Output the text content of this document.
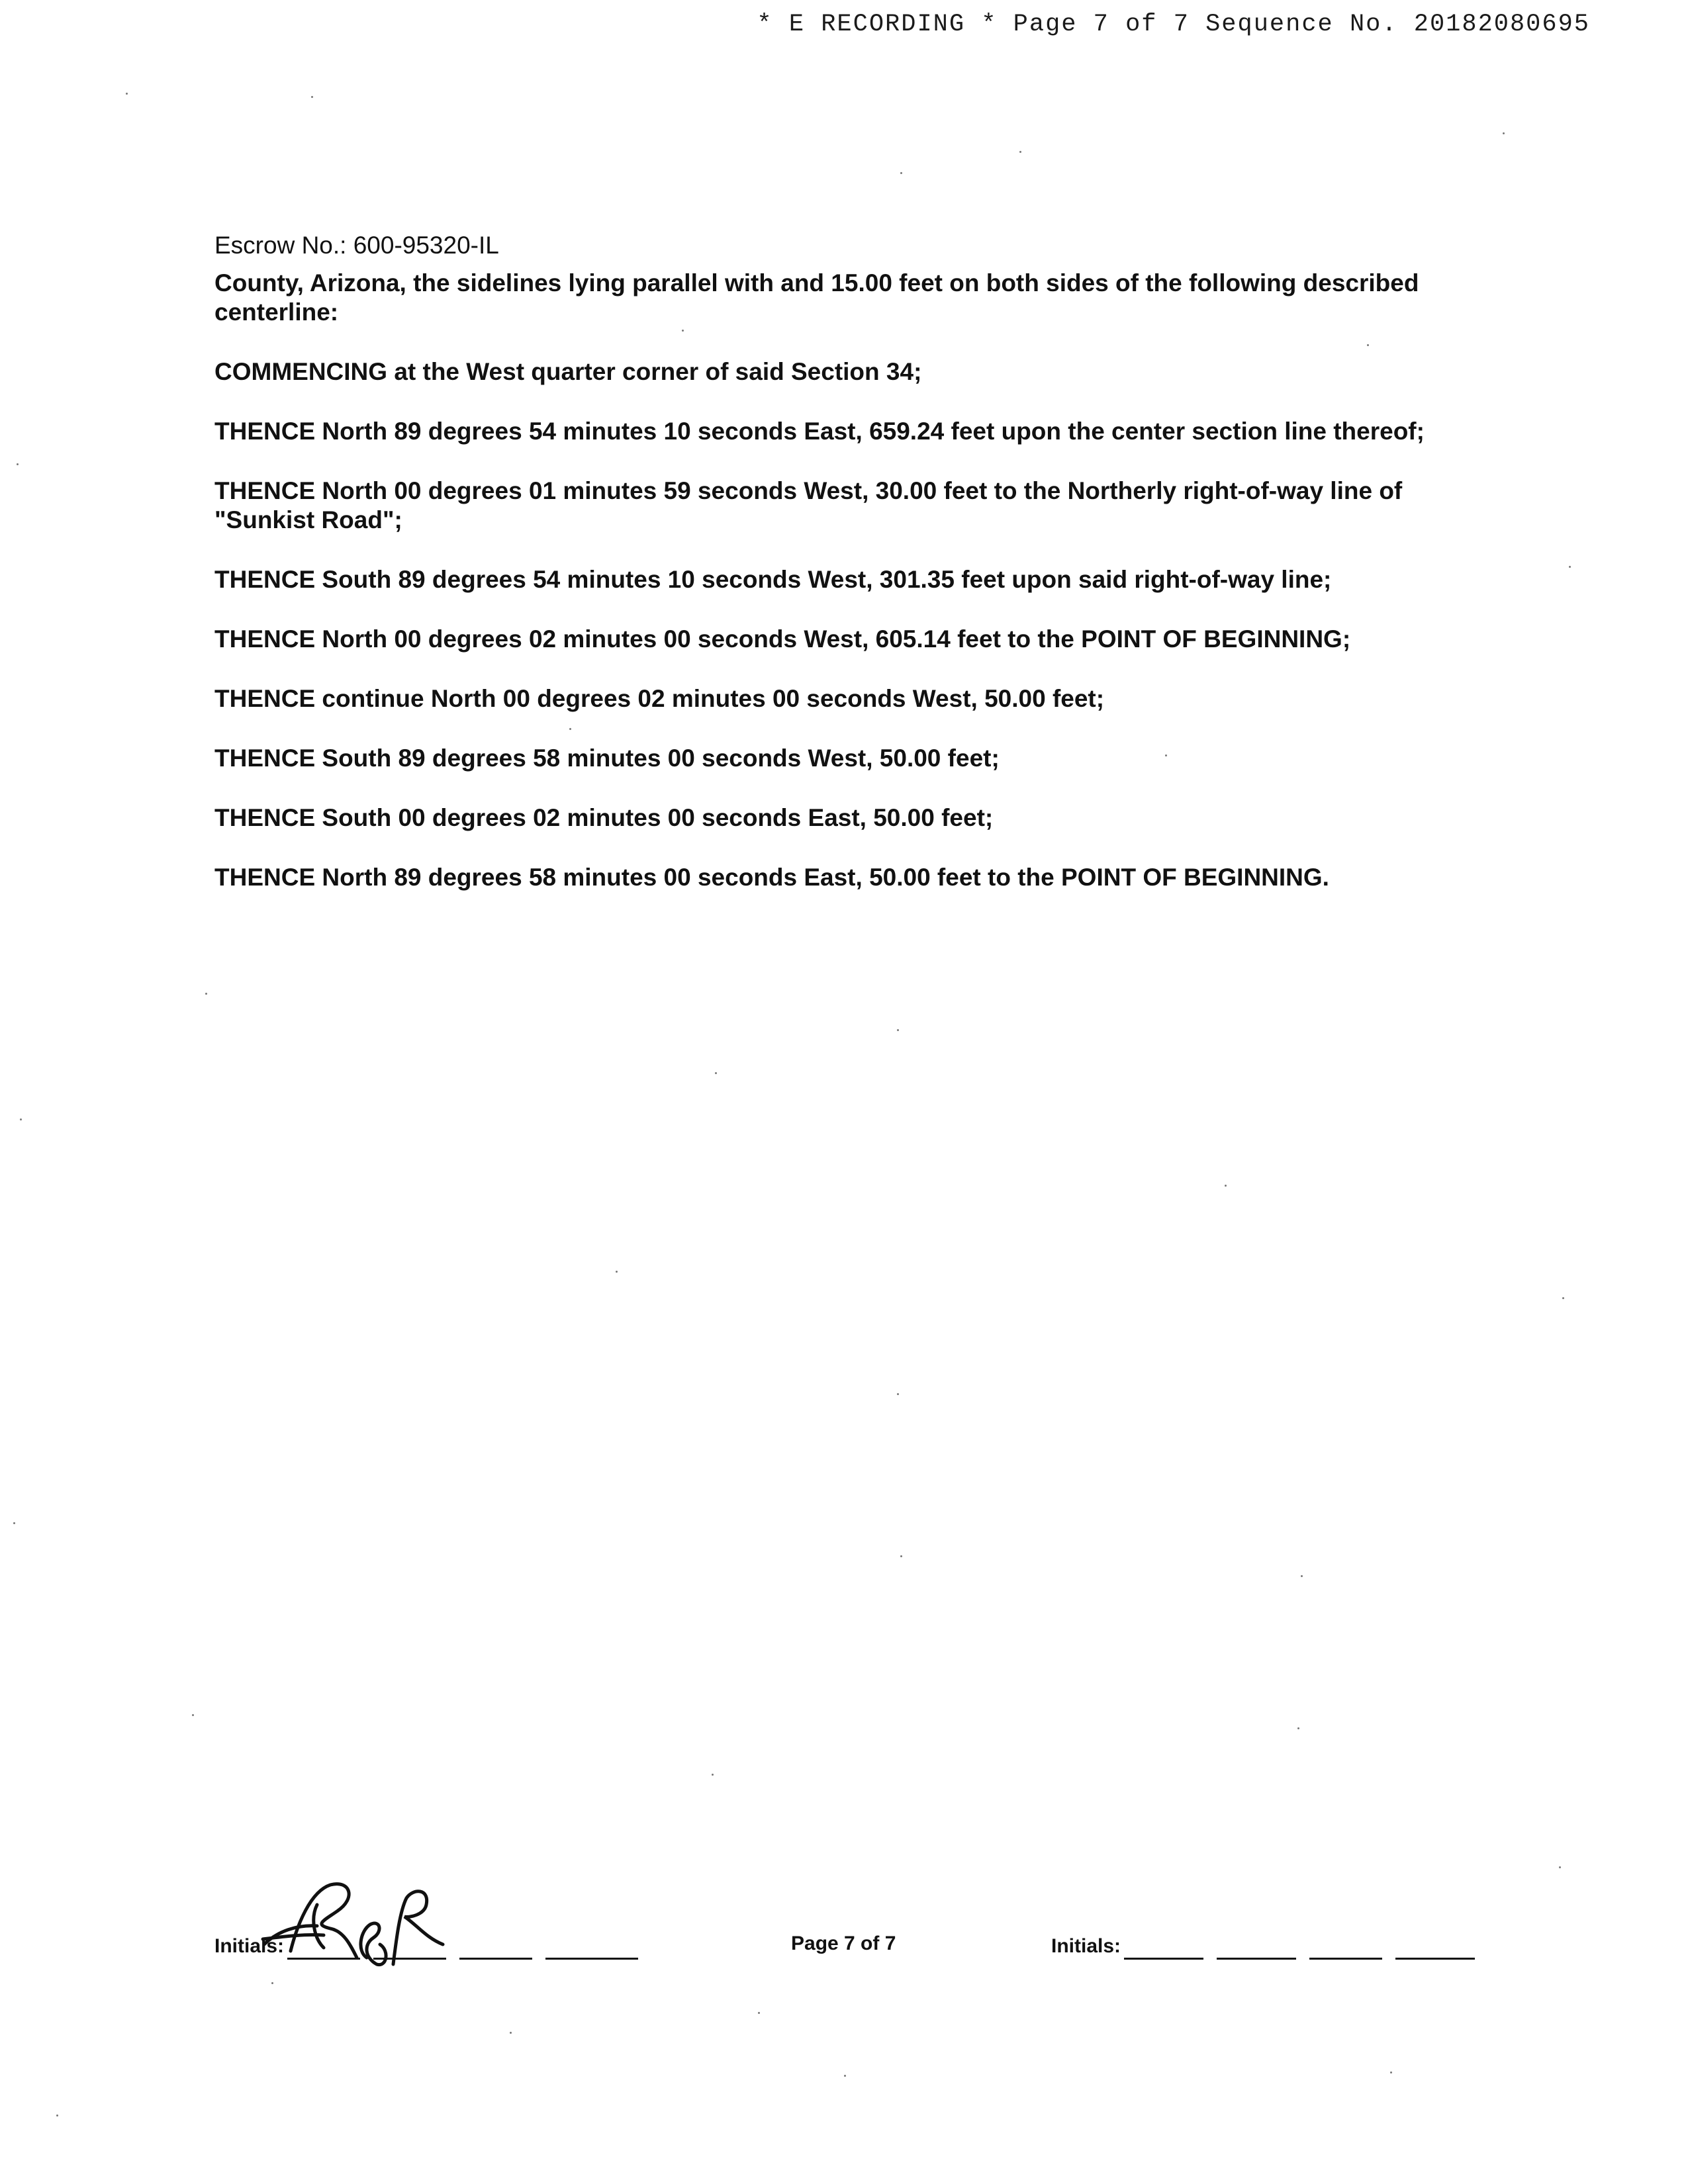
* E RECORDING * Page 7 of 7 Sequence No. 20182080695
Escrow No.: 600-95320-IL

County, Arizona, the sidelines lying parallel with and 15.00 feet on both sides of the following described centerline:

COMMENCING at the West quarter corner of said Section 34;

THENCE North 89 degrees 54 minutes 10 seconds East, 659.24 feet upon the center section line thereof;

THENCE North 00 degrees 01 minutes 59 seconds West, 30.00 feet to the Northerly right-of-way line of "Sunkist Road";

THENCE South 89 degrees 54 minutes 10 seconds West, 301.35 feet upon said right-of-way line;

THENCE North 00 degrees 02 minutes 00 seconds West, 605.14 feet to the POINT OF BEGINNING;

THENCE continue North 00 degrees 02 minutes 00 seconds West, 50.00 feet;

THENCE South 89 degrees 58 minutes 00 seconds West, 50.00 feet;

THENCE South 00 degrees 02 minutes 00 seconds East, 50.00 feet;

THENCE North 89 degrees 58 minutes 00 seconds East, 50.00 feet to the POINT OF BEGINNING.

Initials:	Page 7 of 7	Initials:
